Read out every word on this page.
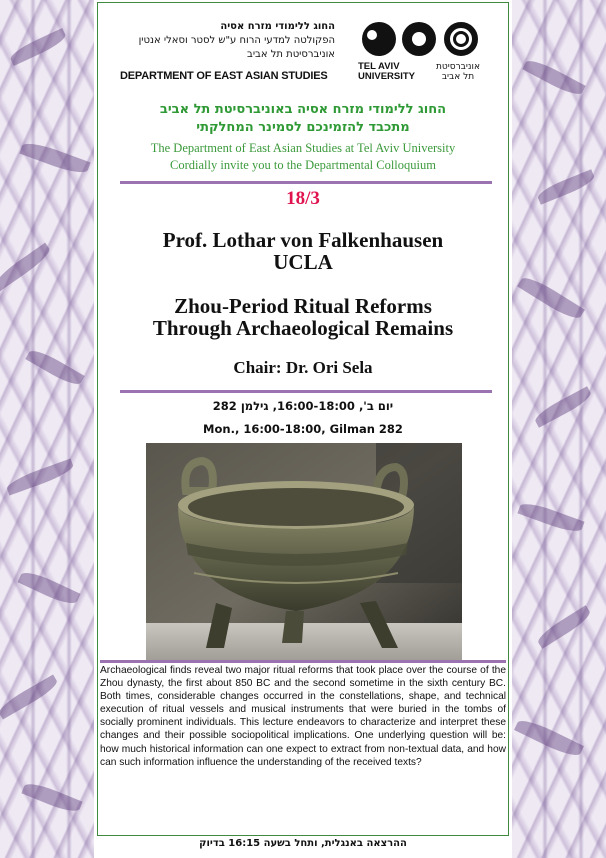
החוג ללימודי מזרח אסיה
הפקולטה למדעי הרוח ע"ש לסטר וסאלי אנטין
אוניברסיטת תל אביב
DEPARTMENT OF EAST ASIAN STUDIES
TEL AVIV
UNIVERSITY
אוניברסיטת
תל אביב
החוג ללימודי מזרח אסיה באוניברסיטת תל אביב
מתכבד להזמינכם לסמינר המחלקתי
The Department of East Asian Studies at Tel Aviv University
Cordially invite you to the Departmental Colloquium
18/3
Prof. Lothar von Falkenhausen
UCLA
Zhou-Period Ritual Reforms
Through Archaeological Remains
Chair: Dr. Ori Sela
יום ב', 16:00-18:00, גילמן 282
Mon., 16:00-18:00, Gilman 282
Archaeological finds reveal two major ritual reforms that took place over the course of the Zhou dynasty, the first about 850 BC and the second sometime in the sixth century BC. Both times, considerable changes occurred in the constellations, shape, and technical execution of ritual vessels and musical instruments that were buried in the tombs of socially prominent individuals. This lecture endeavors to characterize and interpret these changes and their possible sociopolitical implications. One underlying question will be: how much historical information can one expect to extract from non-textual data, and how can such information influence the understanding of the received texts?
ההרצאה באנגלית, ותחל בשעה 16:15 בדיוק
